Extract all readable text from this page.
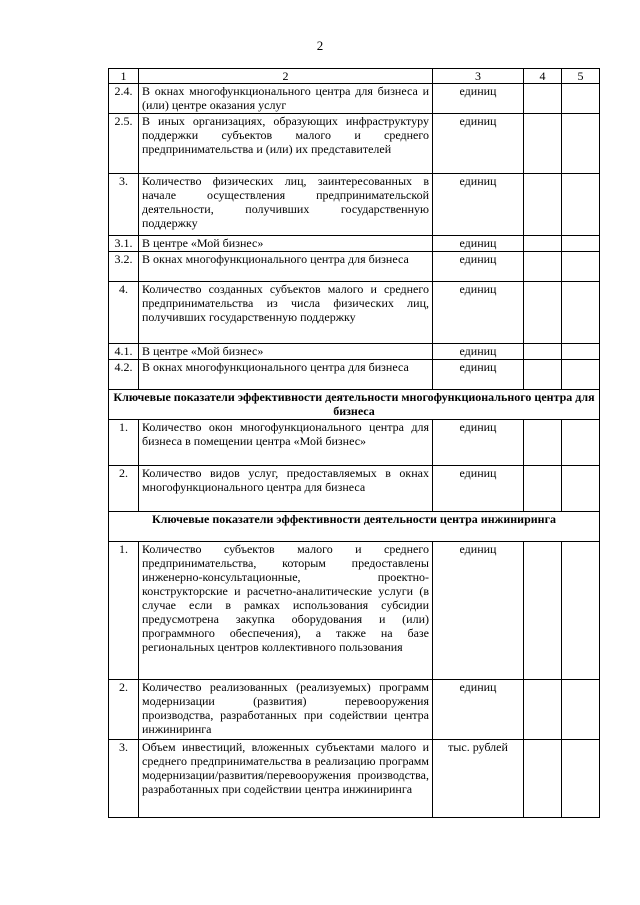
2
1	2	3	4	5
2.4.	В окнах многофункционального центра для бизнеса и (или) центре оказания услуг	единиц		
2.5.	В иных организациях, образующих инфраструктуру поддержки субъектов малого и среднего предпринимательства и (или) их представителей	единиц		
3.	Количество физических лиц, заинтересованных в начале осуществления предпринимательской деятельности, получивших государственную поддержку	единиц		
3.1.	В центре «Мой бизнес»	единиц		
3.2.	В окнах многофункционального центра для бизнеса	единиц		
4.	Количество созданных субъектов малого и среднего предпринимательства из числа физических лиц, получивших государственную поддержку	единиц		
4.1.	В центре «Мой бизнес»	единиц		
4.2.	В окнах многофункционального центра для бизнеса	единиц		
Ключевые показатели эффективности деятельности многофункционального центра для бизнеса				
1.	Количество окон многофункционального центра для бизнеса в помещении центра «Мой бизнес»	единиц		
2.	Количество видов услуг, предоставляемых в окнах многофункционального центра для бизнеса	единиц		
Ключевые показатели эффективности деятельности центра инжиниринга				
1.	Количество субъектов малого и среднего предпринимательства, которым предоставлены инженерно-консультационные, проектно-конструкторские и расчетно-аналитические услуги (в случае если в рамках использования субсидии предусмотрена закупка оборудования и (или) программного обеспечения), а также на базе региональных центров коллективного пользования	единиц		
2.	Количество реализованных (реализуемых) программ модернизации (развития) перевооружения производства, разработанных при содействии центра инжиниринга	единиц		
3.	Объем инвестиций, вложенных субъектами малого и среднего предпринимательства в реализацию программ модернизации/развития/перевооружения производства, разработанных при содействии центра инжиниринга	тыс. рублей		
